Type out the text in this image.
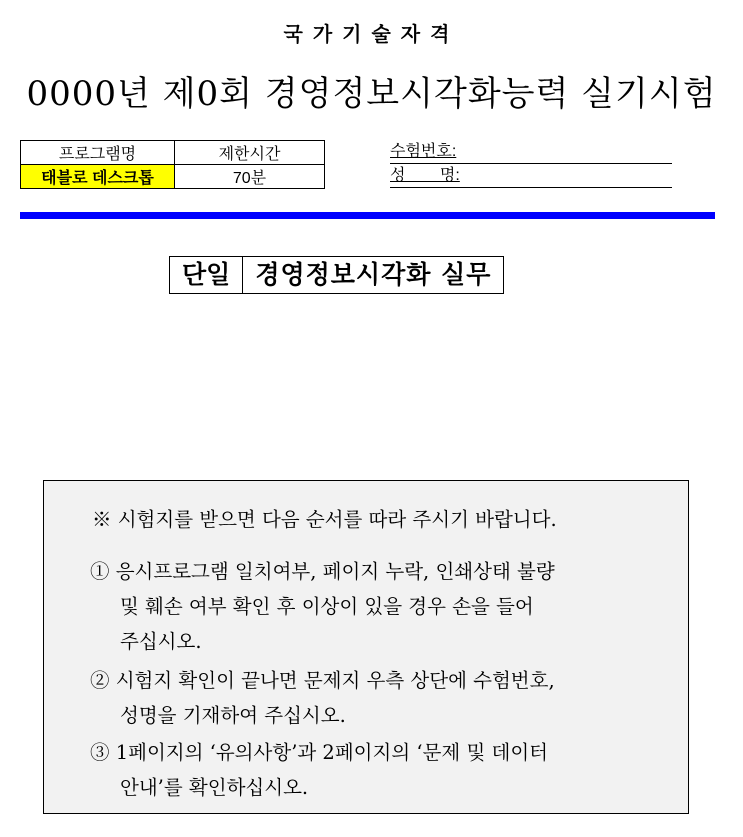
국가기술자격
0000년 제0회 경영정보시각화능력 실기시험
프로그램명	제한시간
태블로 데스크톱	70분
수험번호:
성 명:
단일	경영정보시각화 실무

※ 시험지를 받으면 다음 순서를 따라 주시기 바랍니다.

① 응시프로그램 일치여부, 페이지 누락, 인쇄상태 불량

및 훼손 여부 확인 후 이상이 있을 경우 손을 들어

주십시오.

② 시험지 확인이 끝나면 문제지 우측 상단에 수험번호,

성명을 기재하여 주십시오.

③ 1페이지의 ‘유의사항’과 2페이지의 ‘문제 및 데이터

안내’를 확인하십시오.
